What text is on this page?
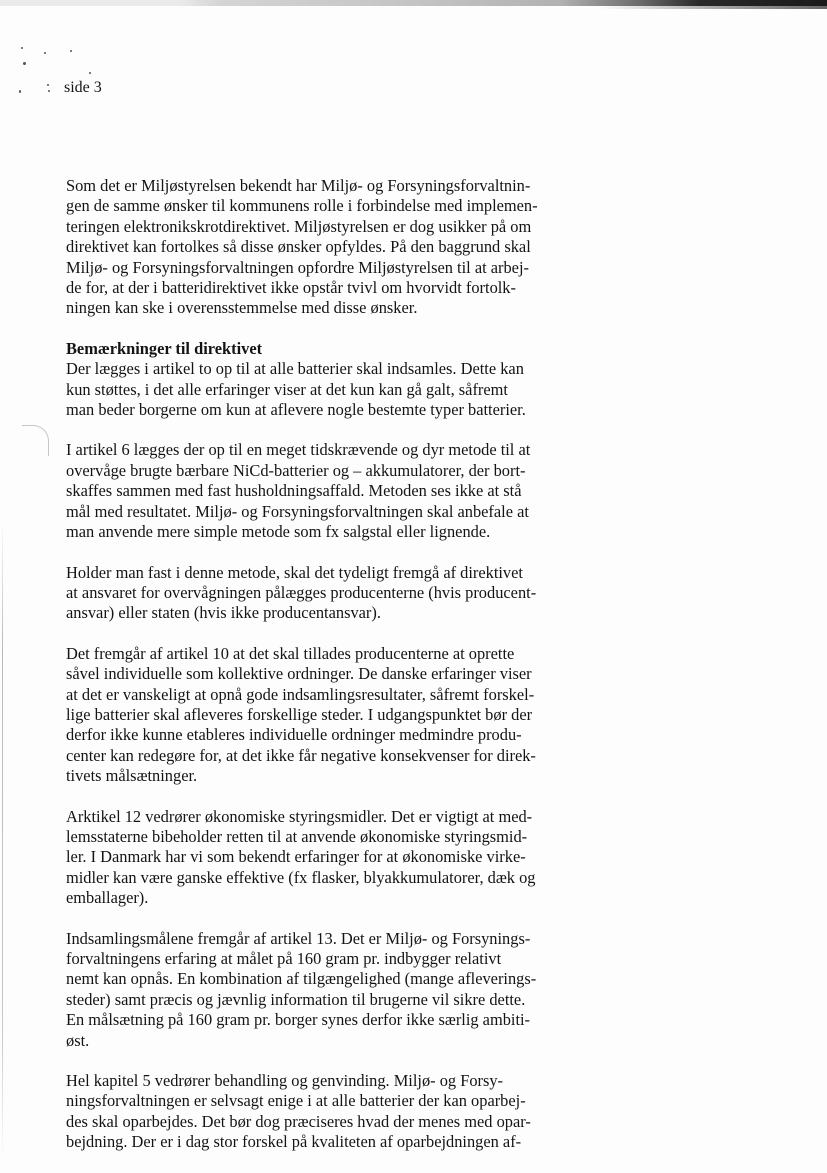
side 3

Som det er Miljøstyrelsen bekendt har Miljø- og Forsyningsforvaltnin-
gen de samme ønsker til kommunens rolle i forbindelse med implemen-
teringen elektronikskrotdirektivet. Miljøstyrelsen er dog usikker på om
direktivet kan fortolkes så disse ønsker opfyldes. På den baggrund skal
Miljø- og Forsyningsforvaltningen opfordre Miljøstyrelsen til at arbej-
de for, at der i batteridirektivet ikke opstår tvivl om hvorvidt fortolk-
ningen kan ske i overensstemmelse med disse ønsker.

Bemærkninger til direktivet
Der lægges i artikel to op til at alle batterier skal indsamles. Dette kan
kun støttes, i det alle erfaringer viser at det kun kan gå galt, såfremt
man beder borgerne om kun at aflevere nogle bestemte typer batterier.

I artikel 6 lægges der op til en meget tidskrævende og dyr metode til at
overvåge brugte bærbare NiCd-batterier og – akkumulatorer, der bort-
skaffes sammen med fast husholdningsaffald. Metoden ses ikke at stå
mål med resultatet. Miljø- og Forsyningsforvaltningen skal anbefale at
man anvende mere simple metode som fx salgstal eller lignende.

Holder man fast i denne metode, skal det tydeligt fremgå af direktivet
at ansvaret for overvågningen pålægges producenterne (hvis producent-
ansvar) eller staten (hvis ikke producentansvar).

Det fremgår af artikel 10 at det skal tillades producenterne at oprette
såvel individuelle som kollektive ordninger. De danske erfaringer viser
at det er vanskeligt at opnå gode indsamlingsresultater, såfremt forskel-
lige batterier skal afleveres forskellige steder. I udgangspunktet bør der
derfor ikke kunne etableres individuelle ordninger medmindre produ-
center kan redegøre for, at det ikke får negative konsekvenser for direk-
tivets målsætninger.

Arktikel 12 vedrører økonomiske styringsmidler. Det er vigtigt at med-
lemsstaterne bibeholder retten til at anvende økonomiske styringsmid-
ler. I Danmark har vi som bekendt erfaringer for at økonomiske virke-
midler kan være ganske effektive (fx flasker, blyakkumulatorer, dæk og
emballager).

Indsamlingsmålene fremgår af artikel 13. Det er Miljø- og Forsynings-
forvaltningens erfaring at målet på 160 gram pr. indbygger relativt
nemt kan opnås. En kombination af tilgængelighed (mange afleverings-
steder) samt præcis og jævnlig information til brugerne vil sikre dette.
En målsætning på 160 gram pr. borger synes derfor ikke særlig ambiti-
øst.

Hel kapitel 5 vedrører behandling og genvinding. Miljø- og Forsy-
ningsforvaltningen er selvsagt enige i at alle batterier der kan oparbej-
des skal oparbejdes. Det bør dog præciseres hvad der menes med opar-
bejdning. Der er i dag stor forskel på kvaliteten af oparbejdningen af-
